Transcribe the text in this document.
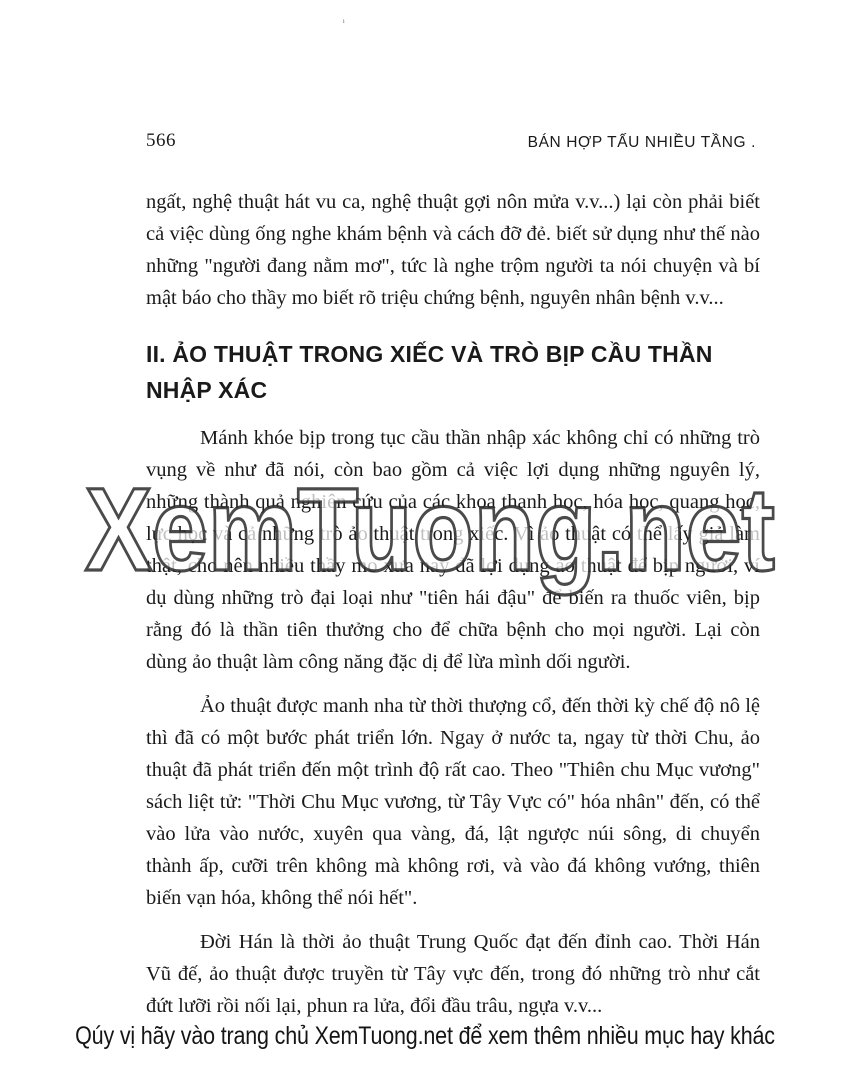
ᵢ
566	BÁN HỢP TẤU NHIỀU TẦNG .

ngất, nghệ thuật hát vu ca, nghệ thuật gợi nôn mửa v.v...) lại còn phải biết cả việc dùng ống nghe khám bệnh và cách đỡ đẻ. biết sử dụng như thế nào những "người đang nằm mơ", tức là nghe trộm người ta nói chuyện và bí mật báo cho thầy mo biết rõ triệu chứng bệnh, nguyên nhân bệnh v.v...

II. ẢO THUẬT TRONG XIẾC VÀ TRÒ BỊP CẦU THẦN NHẬP XÁC

Mánh khóe bịp trong tục cầu thần nhập xác không chỉ có những trò vụng về như đã nói, còn bao gồm cả việc lợi dụng những nguyên lý, những thành quả nghiên cứu của các khoa thanh học, hóa học, quang học, lực học và cả những trò ảo thuật trong xiếc. Vì ảo thuật có thể lấy giả làm thật, cho nên nhiều thầy mo xưa nay đã lợi dụng ảo thuật để bịp người, ví dụ dùng những trò đại loại như "tiên hái đậu" để biến ra thuốc viên, bịp rằng đó là thần tiên thưởng cho để chữa bệnh cho mọi người. Lại còn dùng ảo thuật làm công năng đặc dị để lừa mình dối người.

Ảo thuật được manh nha từ thời thượng cổ, đến thời kỳ chế độ nô lệ thì đã có một bước phát triển lớn. Ngay ở nước ta, ngay từ thời Chu, ảo thuật đã phát triển đến một trình độ rất cao. Theo "Thiên chu Mục vương" sách liệt tử: "Thời Chu Mục vương, từ Tây Vực có" hóa nhân" đến, có thể vào lửa vào nước, xuyên qua vàng, đá, lật ngược núi sông, di chuyển thành ấp, cưỡi trên không mà không rơi, và vào đá không vướng, thiên biến vạn hóa, không thể nói hết".

Đời Hán là thời ảo thuật Trung Quốc đạt đến đỉnh cao. Thời Hán Vũ đế, ảo thuật được truyền từ Tây vực đến, trong đó những trò như cắt đứt lưỡi rồi nối lại, phun ra lửa, đổi đầu trâu, ngựa v.v...

XemTuong.net
Qúy vị hãy vào trang chủ XemTuong.net để xem thêm nhiều mục hay khác
